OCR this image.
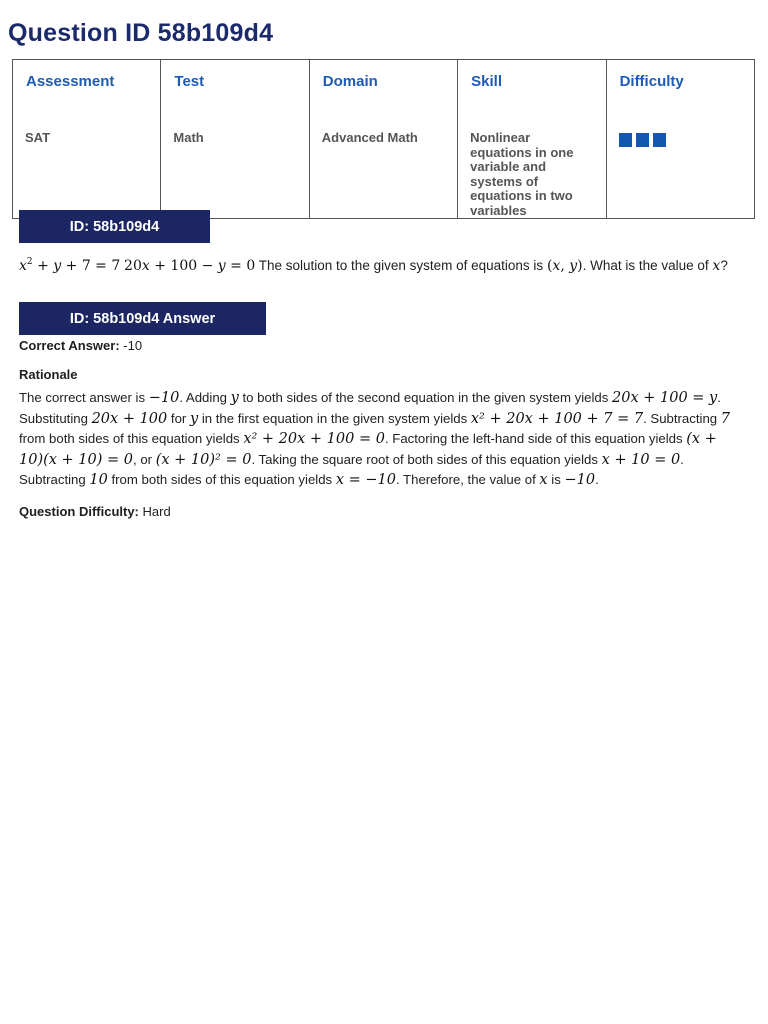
Question ID 58b109d4
Assessment	Test	Domain	Skill	Difficulty
SAT	Math	Advanced Math	Nonlinear equations in one variable and systems of equations in two variables	
ID: 58b109d4
$x^2 + y + 7 = 7$ 20x + 100 − y = 0 The solution to the given system of equations is (x, y). What is the value of x?
ID: 58b109d4 Answer
Correct Answer: -10
Rationale
The correct answer is −10. Adding y to both sides of the second equation in the given system yields 20x + 100 = y. Substituting 20x + 100 for y in the first equation in the given system yields x² + 20x + 100 + 7 = 7. Subtracting 7 from both sides of this equation yields x² + 20x + 100 = 0. Factoring the left-hand side of this equation yields (x + 10)(x + 10) = 0, or (x + 10)² = 0. Taking the square root of both sides of this equation yields x + 10 = 0. Subtracting 10 from both sides of this equation yields x = −10. Therefore, the value of x is −10.
Question Difficulty: Hard
